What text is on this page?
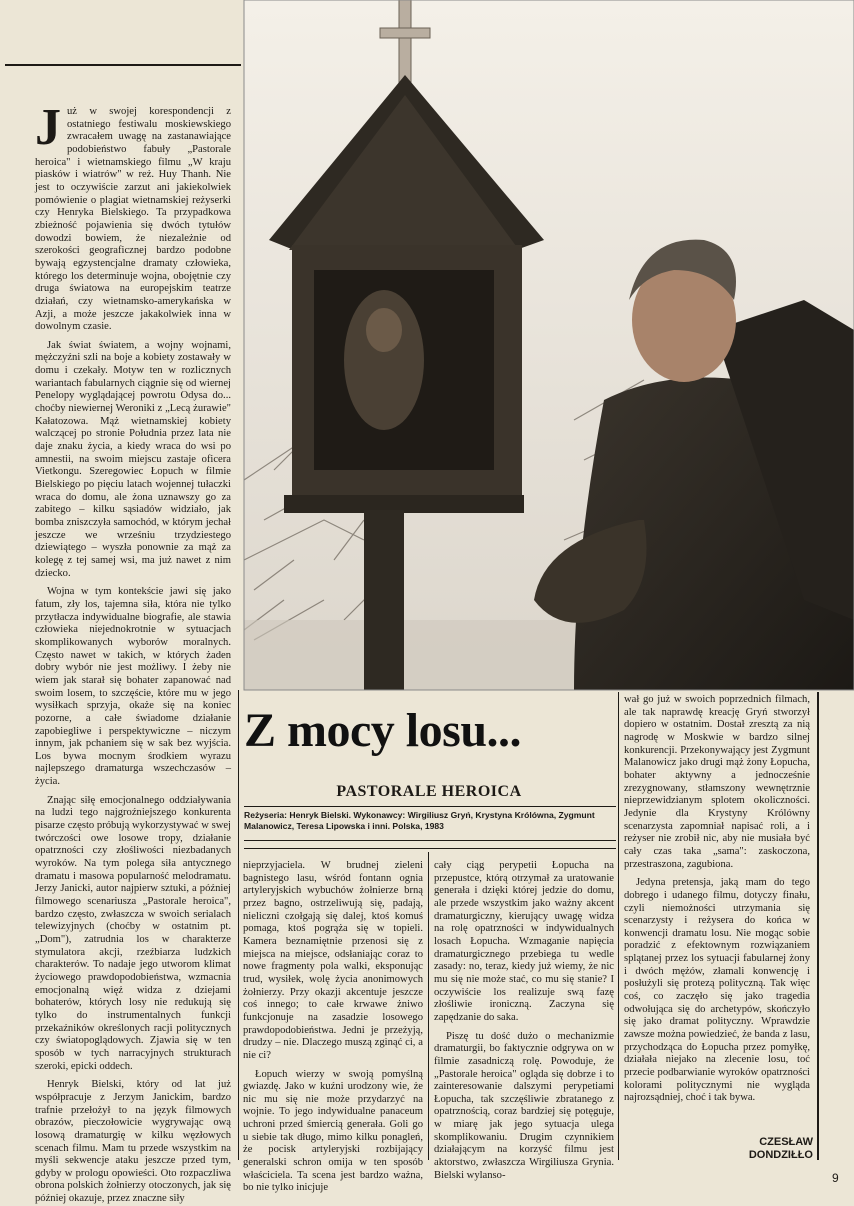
Już w swojej korespondencji z ostatniego festiwalu moskiewskiego zwracałem uwagę na zastanawiające podobieństwo fabuły „Pastorale heroica" i wietnamskiego filmu „W kraju piasków i wiatrów" w reż. Huy Thanh. Nie jest to oczywiście zarzut ani jakiekolwiek pomówienie o plagiat wietnamskiej reżyserki czy Henryka Bielskiego. Ta przypadkowa zbieżność pojawienia się dwóch tytułów dowodzi bowiem, że niezależnie od szerokości geograficznej bardzo podobne bywają egzystencjalne dramaty człowieka, którego los determinuje wojna, obojętnie czy druga światowa na europejskim teatrze działań, czy wietnamsko-amerykańska w Azji, a może jeszcze jakakolwiek inna w dowolnym czasie.

Jak świat światem, a wojny wojnami, mężczyźni szli na boje a kobiety zostawały w domu i czekały. Motyw ten w rozlicznych wariantach fabularnych ciągnie się od wiernej Penelopy wyglądającej powrotu Odysa do... choćby niewiernej Weroniki z „Lecą żurawie" Kałatozowa. Mąż wietnamskiej kobiety walczącej po stronie Południa przez lata nie daje znaku życia, a kiedy wraca do wsi po amnestii, na swoim miejscu zastaje oficera Vietkongu. Szeregowiec Łopuch w filmie Bielskiego po pięciu latach wojennej tułaczki wraca do domu, ale żona uznawszy go za zabitego – kilku sąsiadów widziało, jak bomba zniszczyła samochód, w którym jechał jeszcze we wrześniu trzydziestego dziewiątego – wyszła ponownie za mąż za kolegę z tej samej wsi, ma już nawet z nim dziecko.

Wojna w tym kontekście jawi się jako fatum, zły los, tajemna siła, która nie tylko przytłacza indywidualne biografie, ale stawia człowieka niejednokrotnie w sytuacjach skomplikowanych wyborów moralnych. Często nawet w takich, w których żaden dobry wybór nie jest możliwy. I żeby nie wiem jak starał się bohater zapanować nad swoim losem, to szczęście, które mu w jego wysiłkach sprzyja, okaże się na koniec pozorne, a całe świadome działanie zapobiegliwe i perspektywiczne – niczym innym, jak pchaniem się w sak bez wyjścia. Los bywa mocnym środkiem wyrazu najlepszego dramaturga wszechczasów – życia.

Znając siłę emocjonalnego oddziaływania na ludzi tego najgroźniejszego konkurenta pisarze często próbują wykorzystywać w swej twórczości owe losowe tropy, działanie opatrzności czy złośliwości niezbadanych wyroków. Na tym polega siła antycznego dramatu i masowa popularność melodramatu. Jerzy Janicki, autor najpierw sztuki, a później filmowego scenariusza „Pastorale heroica", bardzo często, zwłaszcza w swoich serialach telewizyjnych (choćby w ostatnim pt. „Dom"), zatrudnia los w charakterze stymulatora akcji, rzeźbiarza ludzkich charakterów. To nadaje jego utworom klimat życiowego prawdopodobieństwa, wzmacnia emocjonalną więź widza z dziejami bohaterów, których losy nie redukują się tylko do instrumentalnych funkcji przekaźników określonych racji politycznych czy światopoglądowych. Zjawia się w ten sposób w tych narracyjnych strukturach szeroki, epicki oddech.

Henryk Bielski, który od lat już współpracuje z Jerzym Janickim, bardzo trafnie przełożył to na język filmowych obrazów, pieczołowicie wygrywając ową losową dramaturgię w kilku węzłowych scenach filmu. Mam tu przede wszystkim na myśli sekwencje ataku jeszcze przed tym, gdyby w prologu opowieści. Oto rozpaczliwa obrona polskich żołnierzy otoczonych, jak się później okazuje, przez znaczne siły

Z mocy losu...
PASTORALE HEROICA
Reżyseria: Henryk Bielski. Wykonawcy: Wirgiliusz Gryń, Krystyna Królówna, Zygmunt Malanowicz, Teresa Lipowska i inni. Polska, 1983

nieprzyjaciela. W brudnej zieleni bagnistego lasu, wśród fontann ognia artyleryjskich wybuchów żołnierze brną przez bagno, ostrzeliwują się, padają, nieliczni czołgają się dalej, ktoś komuś pomaga, ktoś pogrąża się w topieli. Kamera beznamiętnie przenosi się z miejsca na miejsce, odsłaniając coraz to nowe fragmenty pola walki, eksponując trud, wysiłek, wolę życia anonimowych żołnierzy. Przy okazji akcentuje jeszcze coś innego; to całe krwawe żniwo funkcjonuje na zasadzie losowego prawdopodobieństwa. Jedni je przeżyją, drudzy – nie. Dlaczego muszą zginąć ci, a nie ci?

Łopuch wierzy w swoją pomyślną gwiazdę. Jako w kuźni urodzony wie, że nic mu się nie może przydarzyć na wojnie. To jego indywidualne panaceum uchroni przed śmiercią generała. Goli go u siebie tak długo, mimo kilku ponagleń, że pocisk artyleryjski rozbijający generalski schron omija w ten sposób właściciela. Ta scena jest bardzo ważna, bo nie tylko inicjuje

cały ciąg perypetii Łopucha na przepustce, którą otrzymał za uratowanie generała i dzięki której jedzie do domu, ale przede wszystkim jako ważny akcent dramaturgiczny, kierujący uwagę widza na rolę opatrzności w indywidualnych losach Łopucha. Wzmaganie napięcia dramaturgicznego przebiega tu wedle zasady: no, teraz, kiedy już wiemy, że nic mu się nie może stać, co mu się stanie? I oczywiście los realizuje swą fazę złośliwie ironiczną. Zaczyna się zapędzanie do saka.

Piszę tu dość dużo o mechanizmie dramaturgii, bo faktycznie odgrywa on w filmie zasadniczą rolę. Powoduje, że „Pastorale heroica" ogląda się dobrze i to zainteresowanie dalszymi perypetiami Łopucha, tak szczęśliwie zbratanego z opatrznością, coraz bardziej się potęguje, w miarę jak jego sytuacja ulega skomplikowaniu. Drugim czynnikiem działającym na korzyść filmu jest aktorstwo, zwłaszcza Wirgiliusza Grynia. Bielski wylanso-

wał go już w swoich poprzednich filmach, ale tak naprawdę kreację Gryń stworzył dopiero w ostatnim. Dostał zresztą za nią nagrodę w Moskwie w bardzo silnej konkurencji. Przekonywający jest Zygmunt Malanowicz jako drugi mąż żony Łopucha, bohater aktywny a jednocześnie zrezygnowany, stłamszony wewnętrznie nieprzewidzianym splotem okoliczności. Jedynie dla Krystyny Królówny scenarzysta zapomniał napisać roli, a i reżyser nie zrobił nic, aby nie musiała być cały czas taka „sama": zaskoczona, przestraszona, zagubiona.

Jedyna pretensja, jaką mam do tego dobrego i udanego filmu, dotyczy finału, czyli niemożności utrzymania się scenarzysty i reżysera do końca w konwencji dramatu losu. Nie mogąc sobie poradzić z efektownym rozwiązaniem splątanej przez los sytuacji fabularnej żony i dwóch mężów, złamali konwencję i posłużyli się protezą polityczną. Tak więc coś, co zaczęło się jako tragedia odwołująca się do archetypów, skończyło się jako dramat polityczny. Wprawdzie zawsze można powiedzieć, że banda z lasu, przychodząca do Łopucha przez pomyłkę, działała niejako na zlecenie losu, toć przecie podbarwianie wyroków opatrzności kolorami politycznymi nie wygląda najrozsądniej, choć i tak bywa.

CZESŁAW
DONDZIŁŁO
9
